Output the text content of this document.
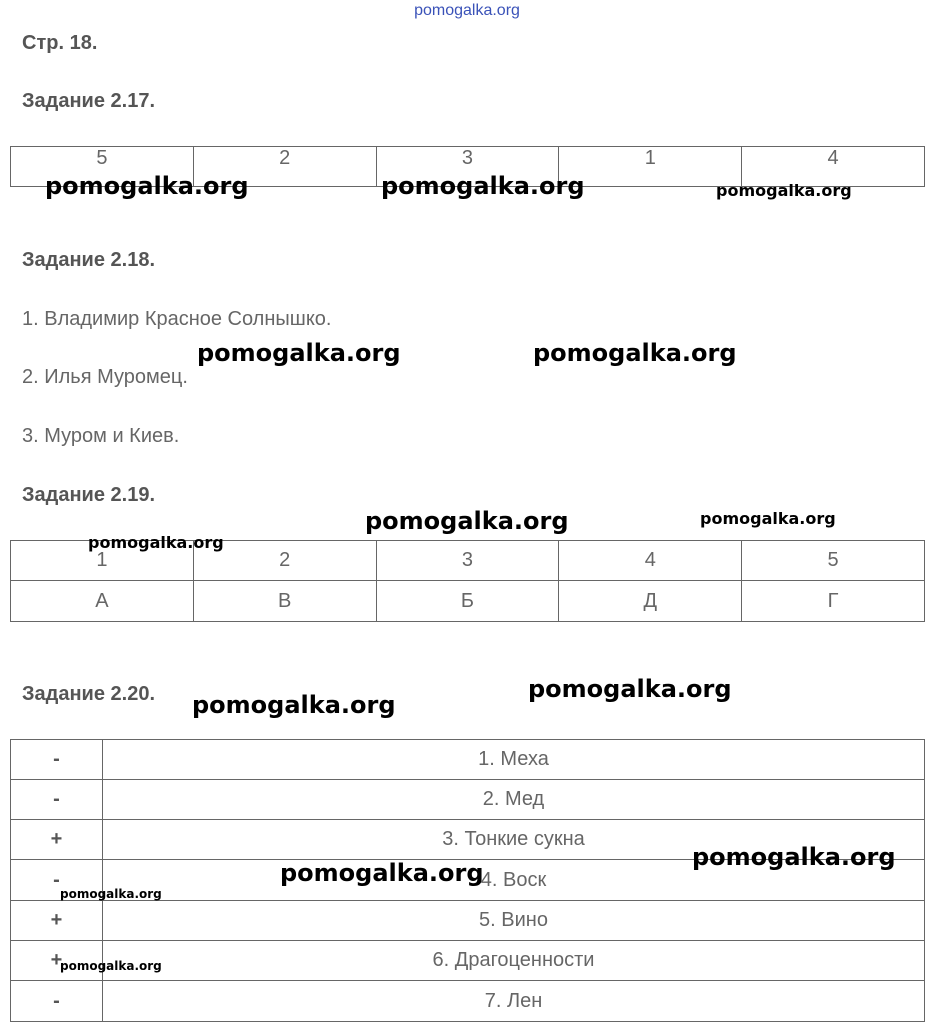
pomogalka.org
Стр. 18.
Задание 2.17.
5	2	3	1	4
Задание 2.18.
1. Владимир Красное Солнышко.
2. Илья Муромец.
3. Муром и Киев.
Задание 2.19.
1	2	3	4	5
А	В	Б	Д	Г
Задание 2.20.
-	1. Меха
-	2. Мед
+	3. Тонкие сукна
-	4. Воск
+	5. Вино
+	6. Драгоценности
-	7. Лен
pomogalka.org	pomogalka.org	pomogalka.org
pomogalka.org	pomogalka.org
pomogalka.org	pomogalka.org
pomogalka.org
pomogalka.org
pomogalka.org
pomogalka.org
pomogalka.org
pomogalka.org
pomogalka.org
